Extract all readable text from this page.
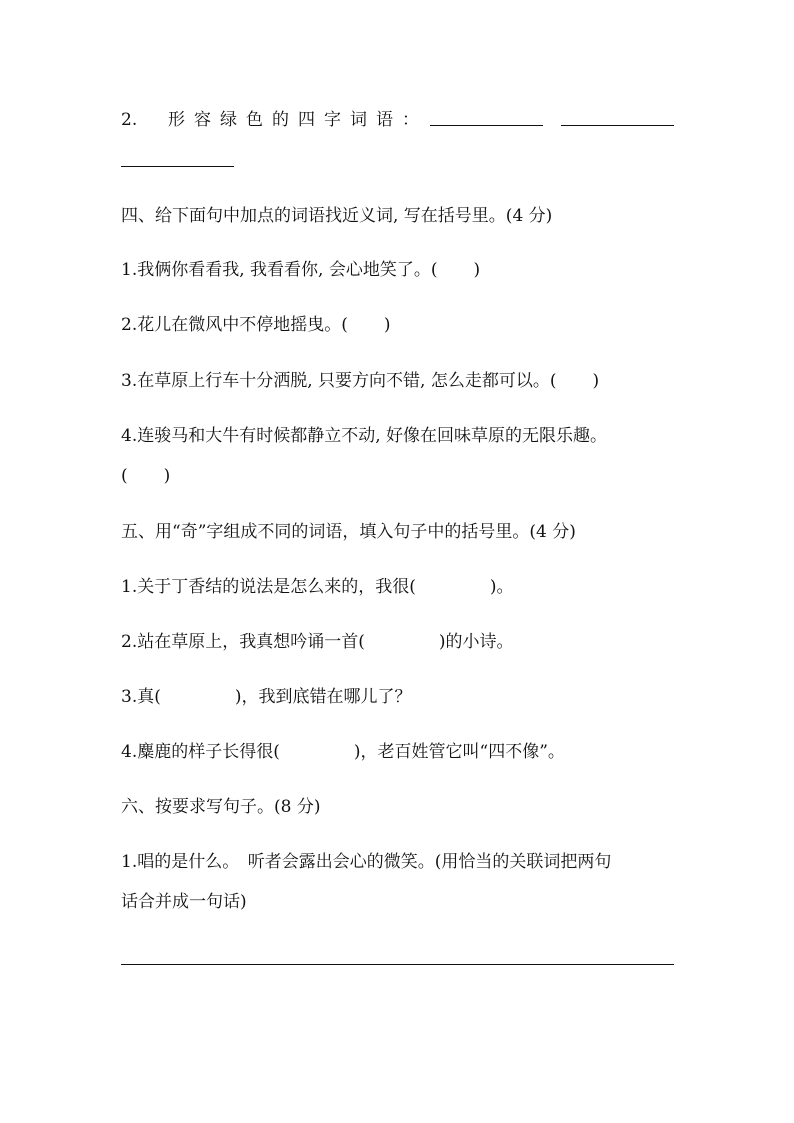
2. 形容绿色的四字词语：
四、给下面句中加点的词语找近义词, 写在括号里。(4 分)
1.我俩你看看我, 我看看你, 会心地笑了。( )
2.花儿在微风中不停地摇曳。( )
3.在草原上行车十分洒脱, 只要方向不错, 怎么走都可以。( )
4.连骏马和大牛有时候都静立不动, 好像在回味草原的无限乐趣。
( )
五、用“奇”字组成不同的词语，填入句子中的括号里。(4 分)
1.关于丁香结的说法是怎么来的，我很(	)。
2.站在草原上，我真想吟诵一首(	)的小诗。
3.真(	)，我到底错在哪儿了？
4.麋鹿的样子长得很(	)，老百姓管它叫“四不像”。
六、按要求写句子。(8 分)
1.唱的是什么。　听者会露出会心的微笑。(用恰当的关联词把两句
话合并成一句话)
